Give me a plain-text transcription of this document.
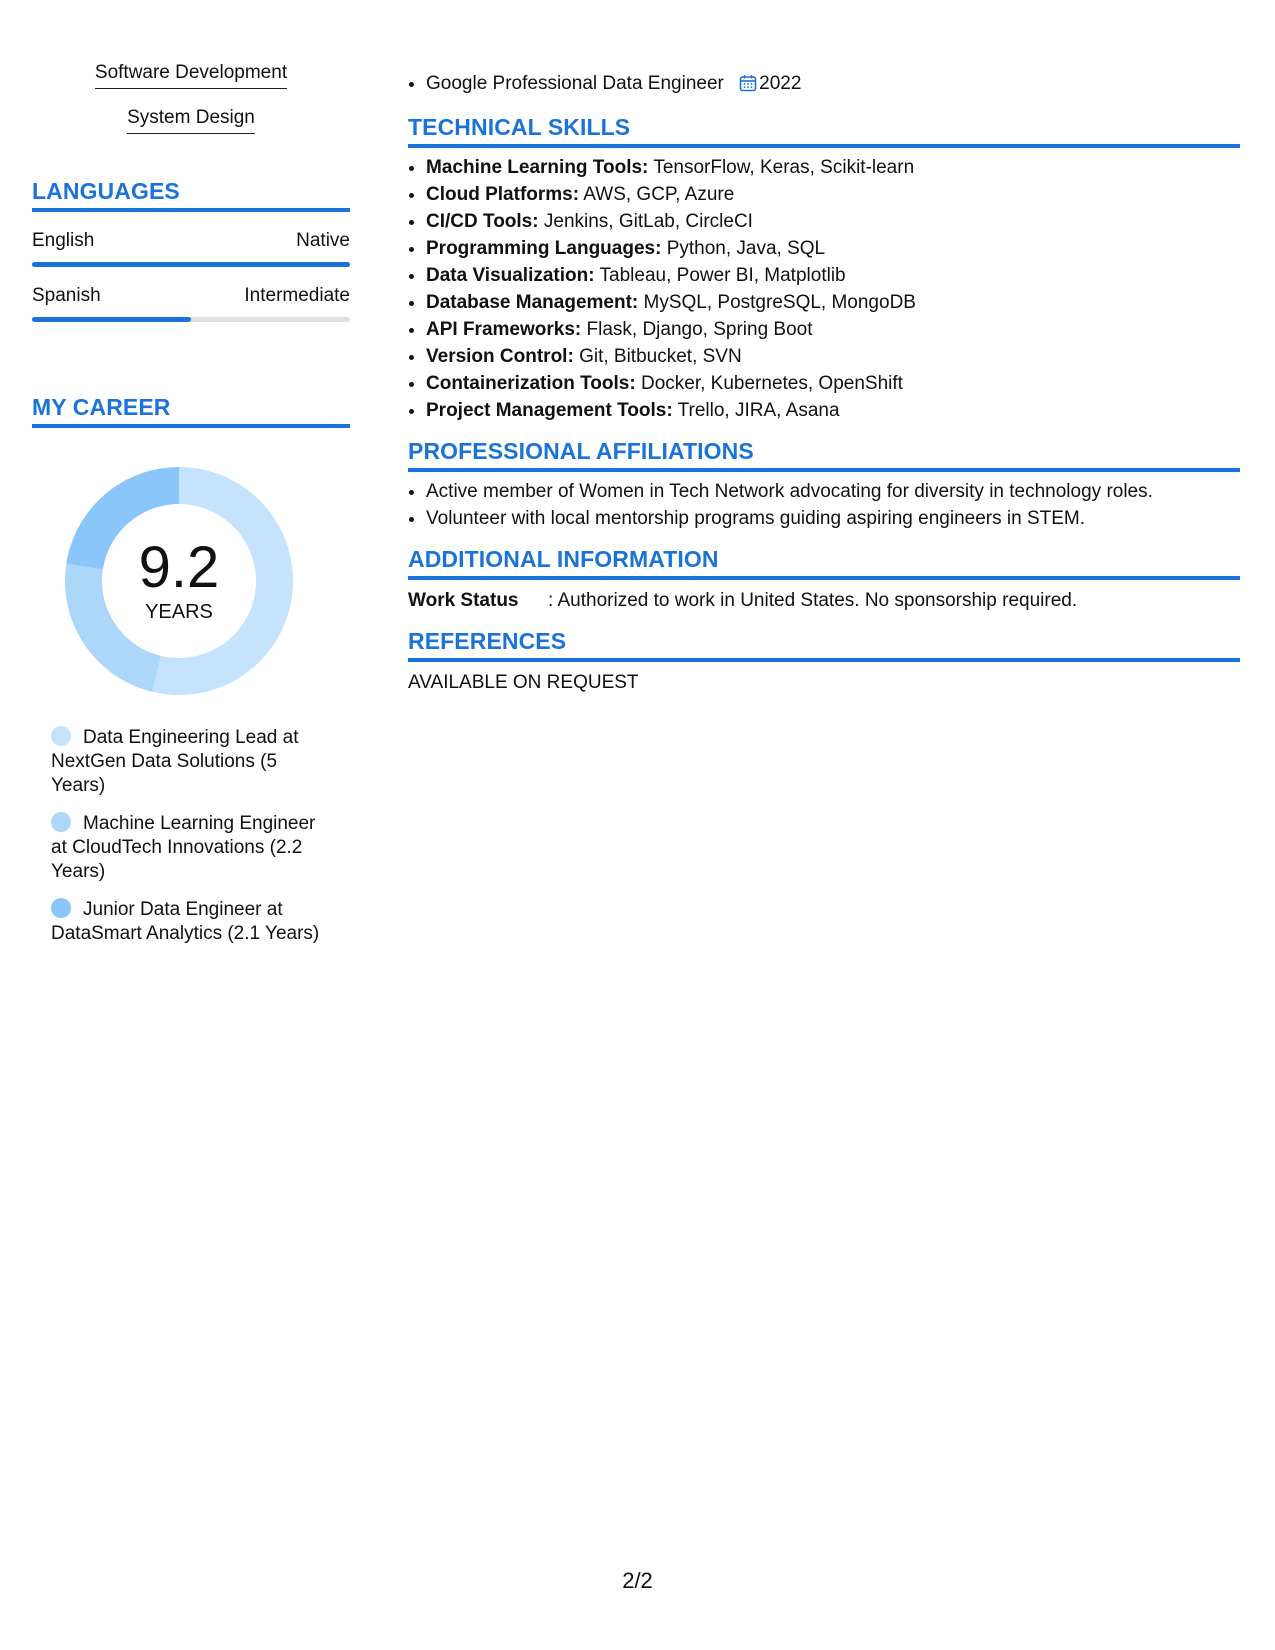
Software Development
System Design
LANGUAGES
English	Native
Spanish	Intermediate
MY CAREER
9.2
YEARS
Data Engineering Lead at NextGen Data Solutions (5 Years)
Machine Learning Engineer at CloudTech Innovations (2.2 Years)
Junior Data Engineer at DataSmart Analytics (2.1 Years)
• Google Professional Data Engineer 2022
TECHNICAL SKILLS
• Machine Learning Tools: TensorFlow, Keras, Scikit-learn
• Cloud Platforms: AWS, GCP, Azure
• CI/CD Tools: Jenkins, GitLab, CircleCI
• Programming Languages: Python, Java, SQL
• Data Visualization: Tableau, Power BI, Matplotlib
• Database Management: MySQL, PostgreSQL, MongoDB
• API Frameworks: Flask, Django, Spring Boot
• Version Control: Git, Bitbucket, SVN
• Containerization Tools: Docker, Kubernetes, OpenShift
• Project Management Tools: Trello, JIRA, Asana
PROFESSIONAL AFFILIATIONS
• Active member of Women in Tech Network advocating for diversity in technology roles.
• Volunteer with local mentorship programs guiding aspiring engineers in STEM.
ADDITIONAL INFORMATION
Work Status	: Authorized to work in United States. No sponsorship required.
REFERENCES
AVAILABLE ON REQUEST
2/2
